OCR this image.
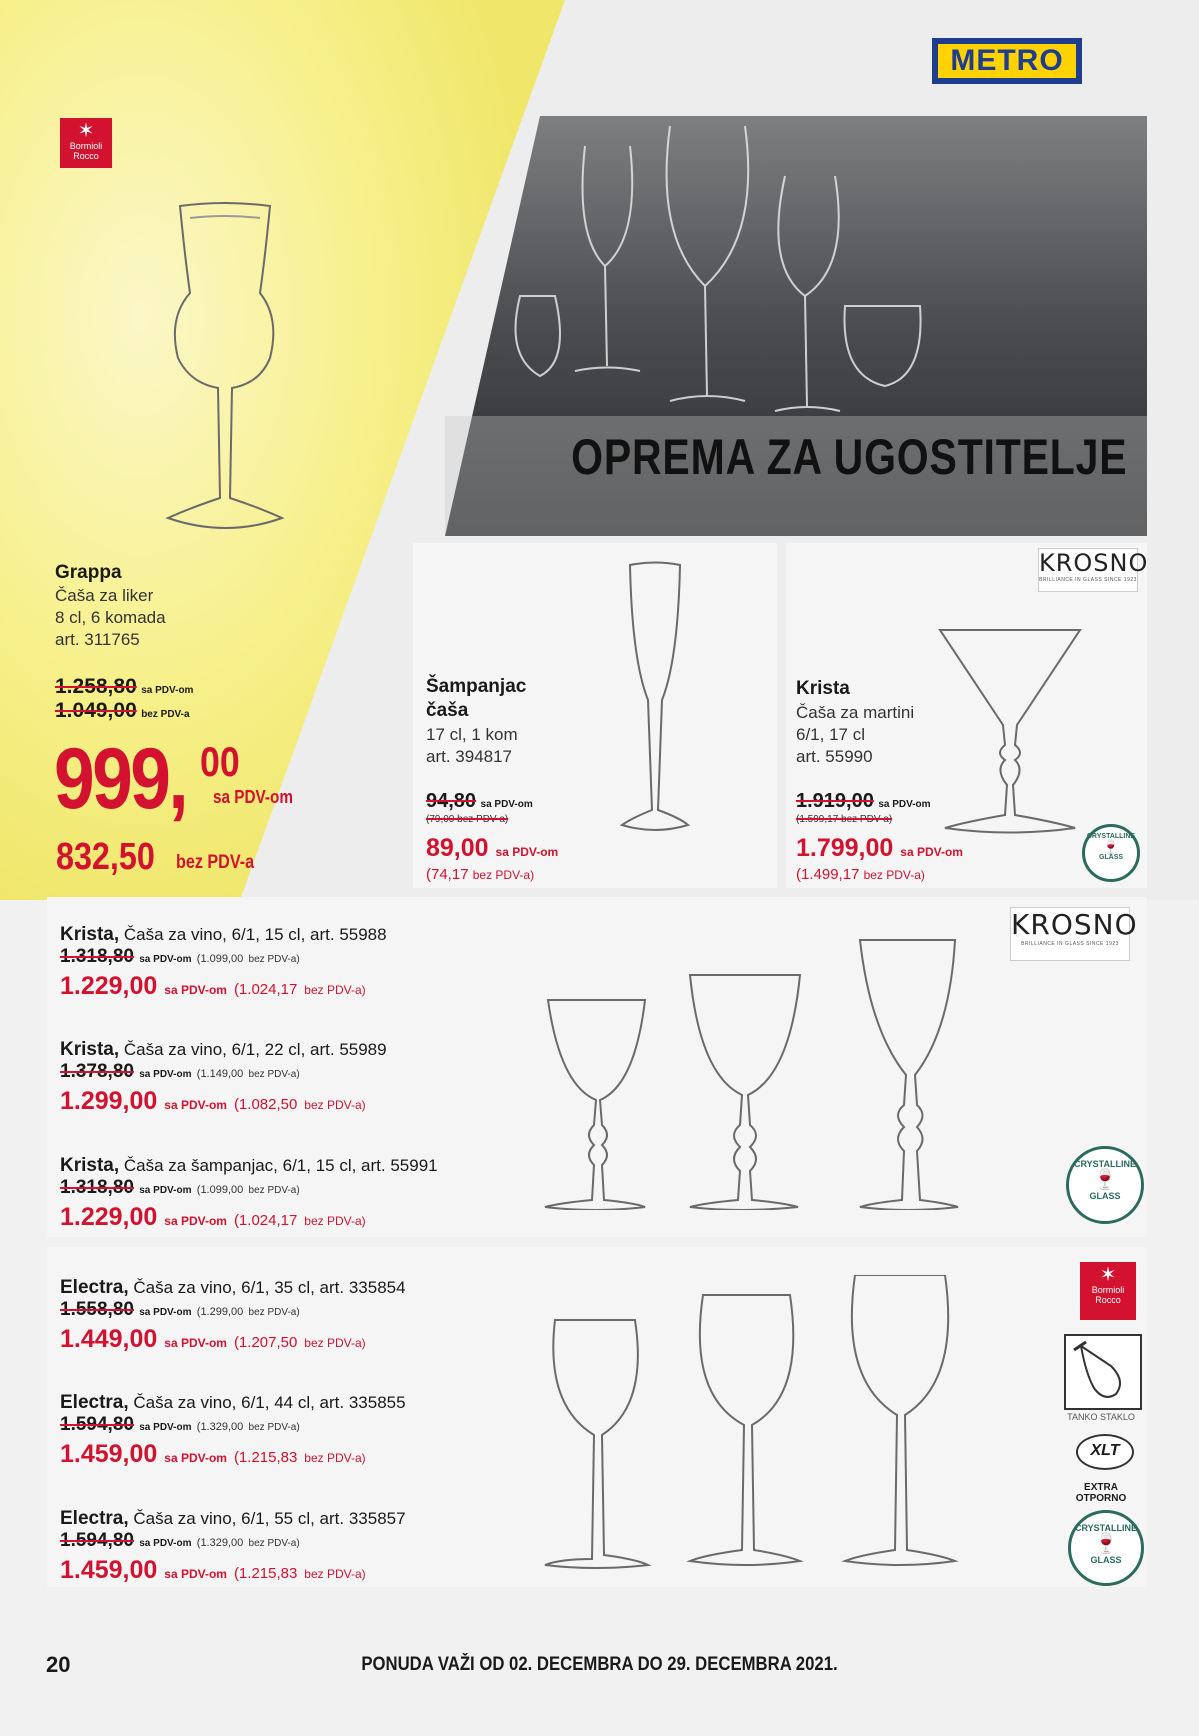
METRO
✶
Bormioli Rocco
Grappa
Čaša za liker
8 cl, 6 komada
art. 311765
1.258,80 sa PDV-om
1.049,00 bez PDV-a
999, 00
sa PDV-om
832,50 bez PDV-a
OPREMA ZA UGOSTITELJE
Šampanjac
čaša
17 cl, 1 kom
art. 394817
94,80 sa PDV-om
(79,00 bez PDV-a)
89,00 sa PDV-om
(74,17 bez PDV-a)
KROSNO
BRILLIANCE IN GLASS SINCE 1923
Krista
Čaša za martini
6/1, 17 cl
art. 55990
1.919,00 sa PDV-om
(1.599,17 bez PDV-a)
1.799,00 sa PDV-om
(1.499,17 bez PDV-a)
CRYSTALLINE
🍷
GLASS
KROSNO
BRILLIANCE IN GLASS SINCE 1923
Krista, Čaša za vino, 6/1, 15 cl, art. 55988
1.318,80 sa PDV-om (1.099,00 bez PDV-a)
1.229,00 sa PDV-om (1.024,17 bez PDV-a)
Krista, Čaša za vino, 6/1, 22 cl, art. 55989
1.378,80 sa PDV-om (1.149,00 bez PDV-a)
1.299,00 sa PDV-om (1.082,50 bez PDV-a)
Krista, Čaša za šampanjac, 6/1, 15 cl, art. 55991
1.318,80 sa PDV-om (1.099,00 bez PDV-a)
1.229,00 sa PDV-om (1.024,17 bez PDV-a)
CRYSTALLINE
🍷
GLASS
✶
Bormioli Rocco
TANKO STAKLO
XLT
EXTRA
OTPORNO
CRYSTALLINE
🍷
GLASS
Electra, Čaša za vino, 6/1, 35 cl, art. 335854
1.558,80 sa PDV-om (1.299,00 bez PDV-a)
1.449,00 sa PDV-om (1.207,50 bez PDV-a)
Electra, Čaša za vino, 6/1, 44 cl, art. 335855
1.594,80 sa PDV-om (1.329,00 bez PDV-a)
1.459,00 sa PDV-om (1.215,83 bez PDV-a)
Electra, Čaša za vino, 6/1, 55 cl, art. 335857
1.594,80 sa PDV-om (1.329,00 bez PDV-a)
1.459,00 sa PDV-om (1.215,83 bez PDV-a)
20	PONUDA VAŽI OD 02. DECEMBRA DO 29. DECEMBRA 2021.
